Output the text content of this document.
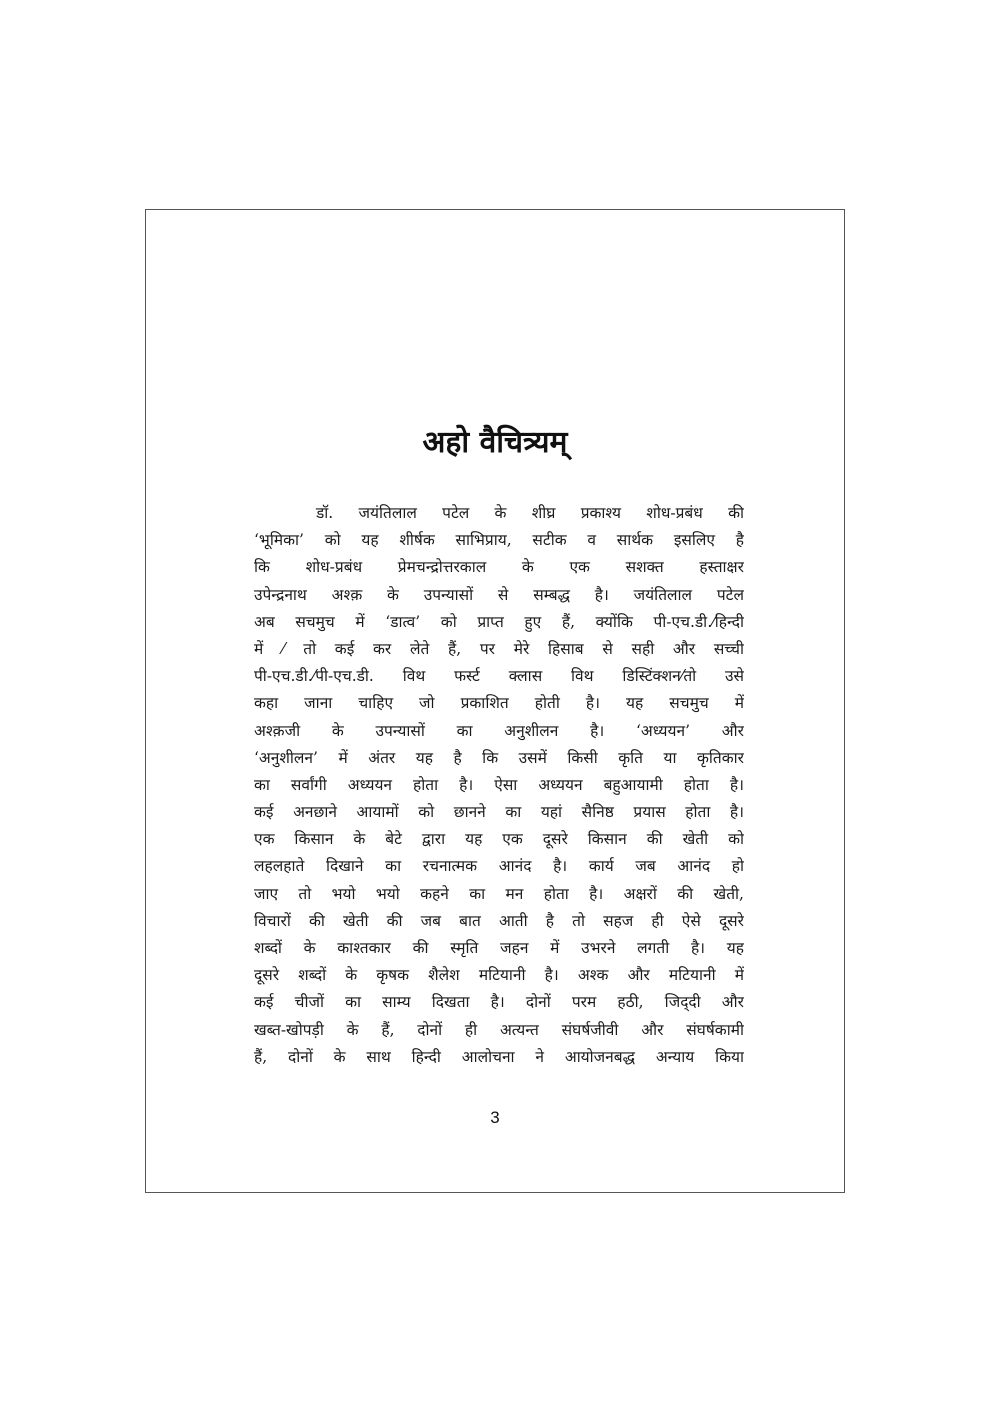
अहो वैचित्र्यम्
डॉ. जयंतिलाल पटेल के शीघ्र प्रकाश्य शोध-प्रबंध की
‘भूमिका’ को यह शीर्षक साभिप्राय, सटीक व सार्थक इसलिए है
कि शोध-प्रबंध प्रेमचन्द्रोत्तरकाल के एक सशक्त हस्ताक्षर
उपेन्द्रनाथ अश्क़ के उपन्यासों से सम्बद्ध है। जयंतिलाल पटेल
अब सचमुच में ‘डात्व’ को प्राप्त हुए हैं, क्योंकि पी-एच.डी.⁄हिन्दी
में ⁄ तो कई कर लेते हैं, पर मेरे हिसाब से सही और सच्ची
पी-एच.डी.⁄पी-एच.डी. विथ फर्स्ट क्लास विथ डिस्टिंक्शन⁄तो उसे
कहा जाना चाहिए जो प्रकाशित होती है। यह सचमुच में
अश्क़जी के उपन्यासों का अनुशीलन है। ‘अध्ययन’ और
‘अनुशीलन’ में अंतर यह है कि उसमें किसी कृति या कृतिकार
का सर्वांगी अध्ययन होता है। ऐसा अध्ययन बहुआयामी होता है।
कई अनछाने आयामों को छानने का यहां सैनिष्ठ प्रयास होता है।
एक किसान के बेटे द्वारा यह एक दूसरे किसान की खेती को
लहलहाते दिखाने का रचनात्मक आनंद है। कार्य जब आनंद हो
जाए तो भयो भयो कहने का मन होता है। अक्षरों की खेती,
विचारों की खेती की जब बात आती है तो सहज ही ऐसे दूसरे
शब्दों के काश्तकार की स्मृति जहन में उभरने लगती है। यह
दूसरे शब्दों के कृषक शैलेश मटियानी है। अश्क और मटियानी में
कई चीजों का साम्य दिखता है। दोनों परम हठी, जिद्‌दी और
खब्त-खोपड़ी के हैं, दोनों ही अत्यन्त संघर्षजीवी और संघर्षकामी
हैं, दोनों के साथ हिन्दी आलोचना ने आयोजनबद्ध अन्याय किया
3
